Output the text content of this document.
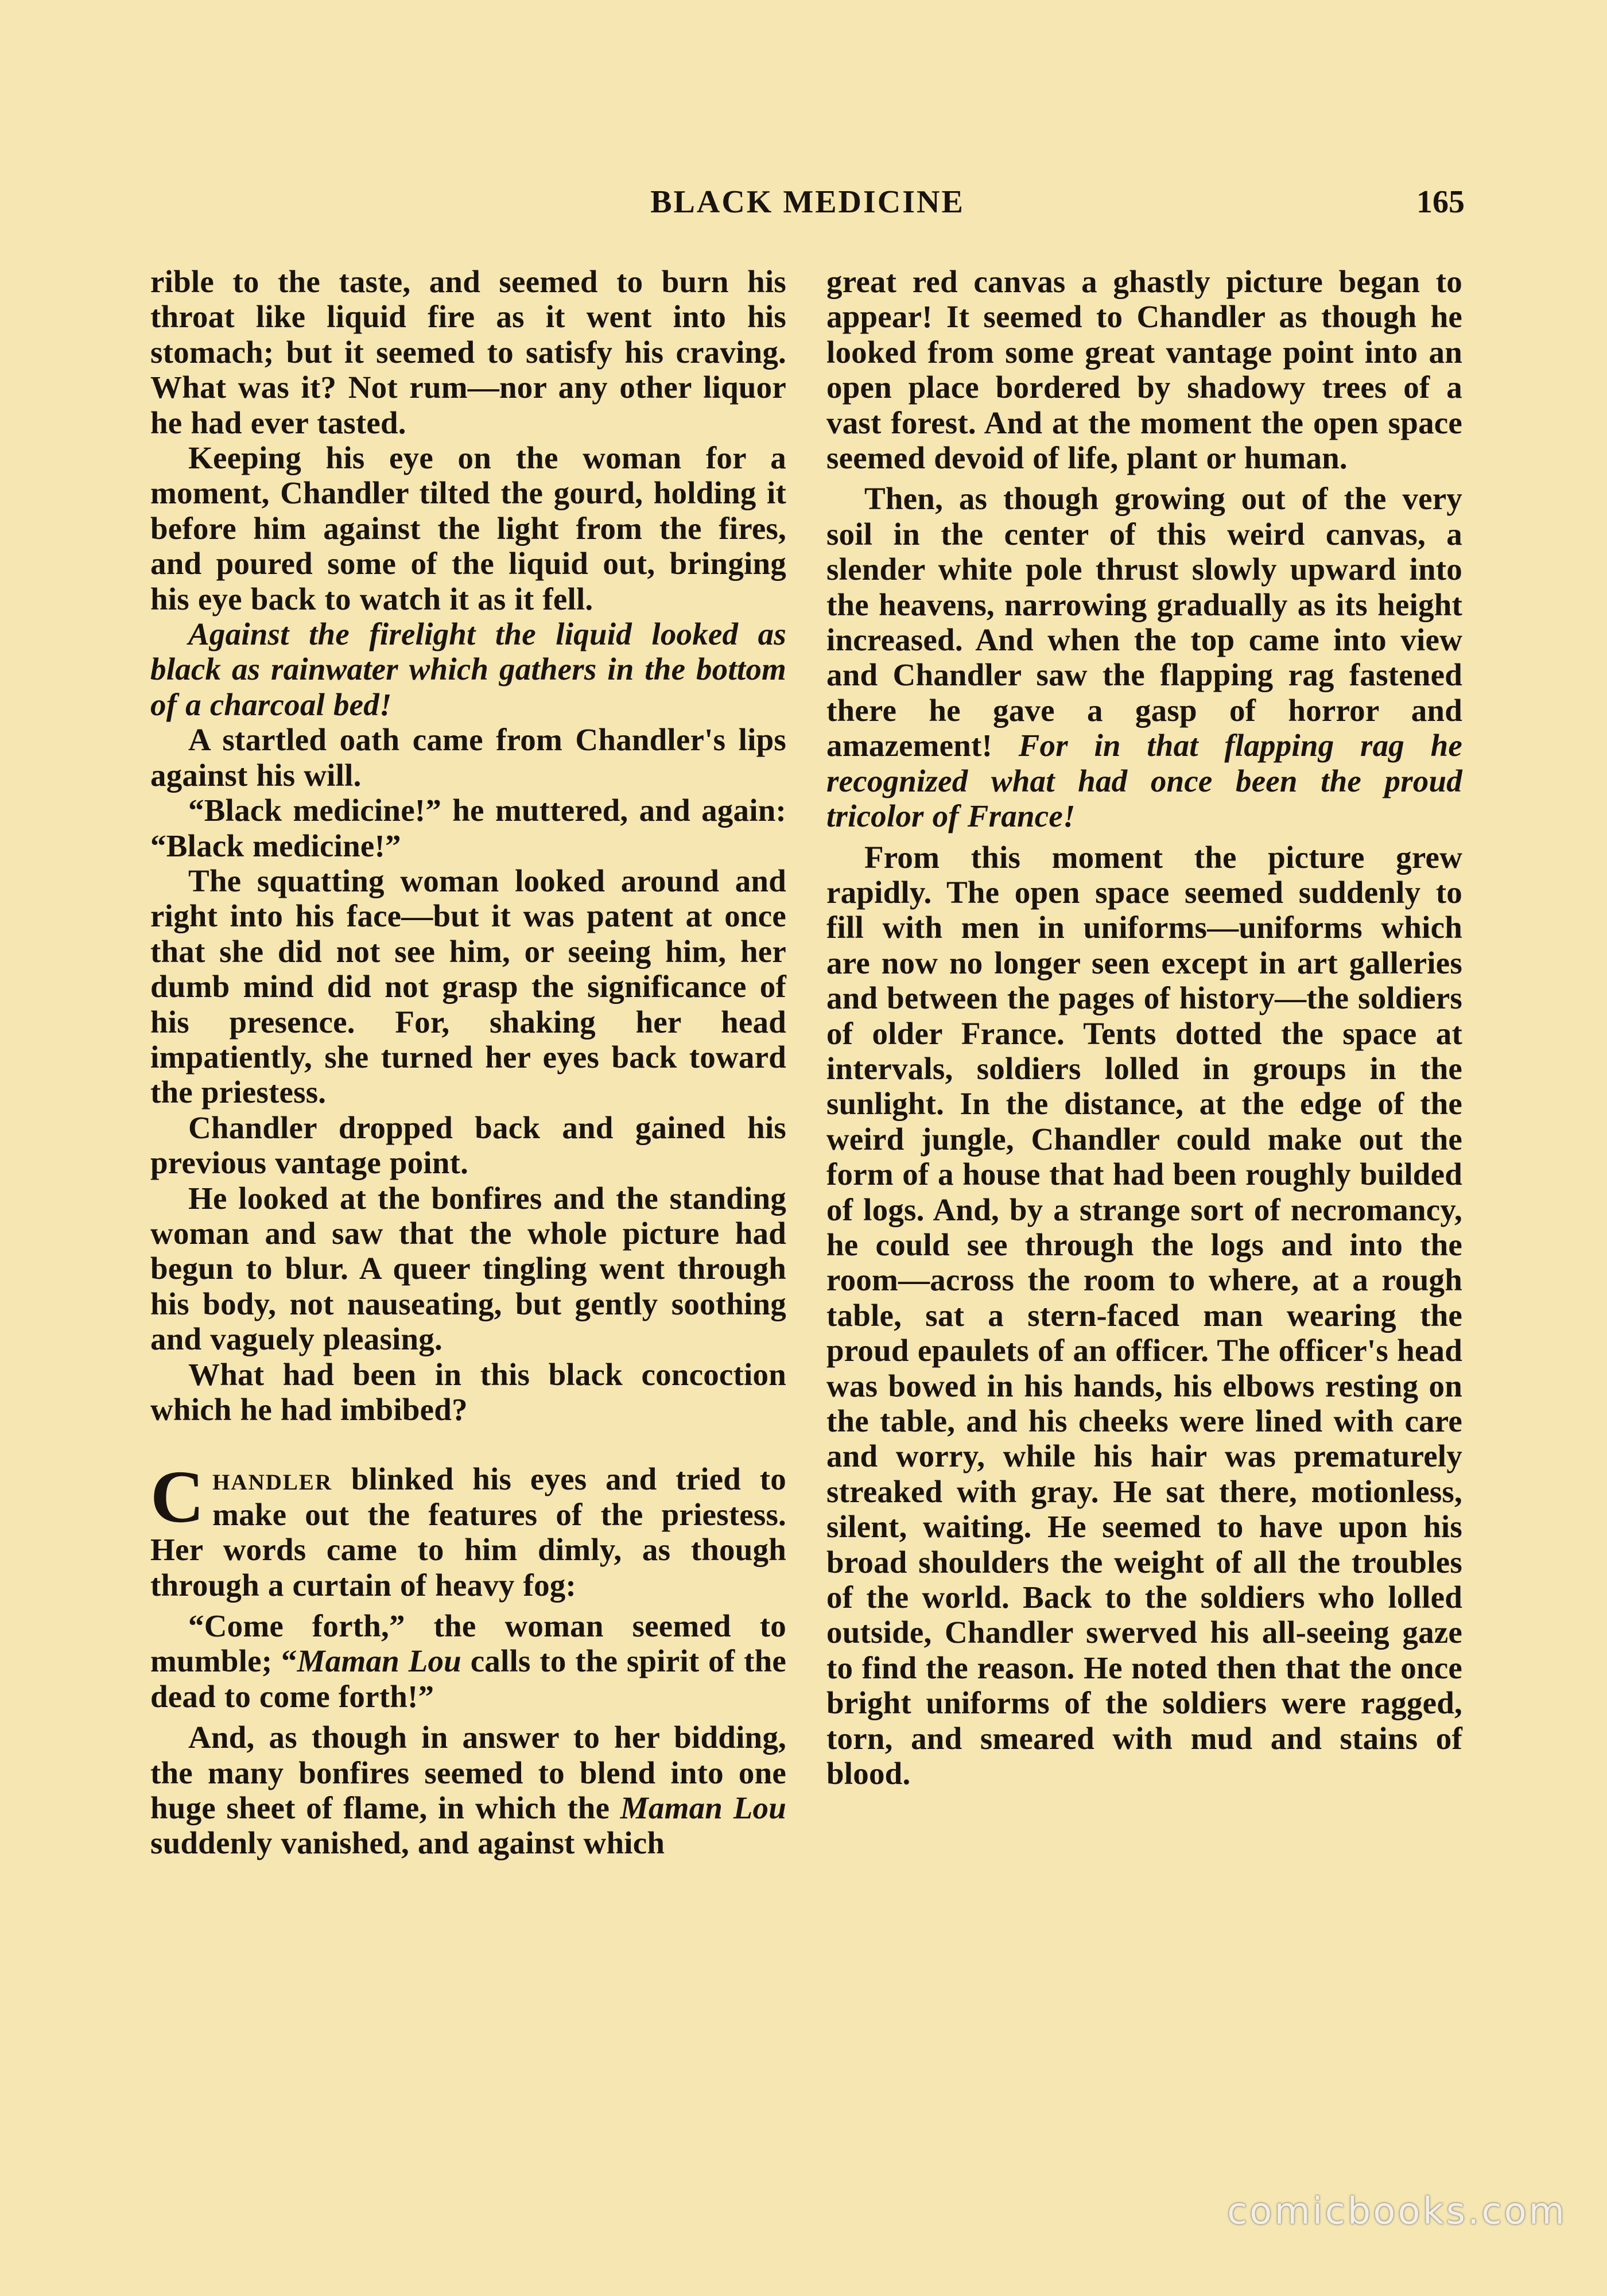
BLACK MEDICINE	165

rible to the taste, and seemed to burn his throat like liquid fire as it went into his stomach; but it seemed to satisfy his craving. What was it? Not rum—nor any other liquor he had ever tasted.

Keeping his eye on the woman for a moment, Chandler tilted the gourd, holding it before him against the light from the fires, and poured some of the liquid out, bringing his eye back to watch it as it fell.

Against the firelight the liquid looked as black as rainwater which gathers in the bottom of a charcoal bed!

A startled oath came from Chandler's lips against his will.

“Black medicine!” he muttered, and again: “Black medicine!”

The squatting woman looked around and right into his face—but it was patent at once that she did not see him, or seeing him, her dumb mind did not grasp the significance of his presence. For, shaking her head impatiently, she turned her eyes back toward the priestess.

Chandler dropped back and gained his previous vantage point.

He looked at the bonfires and the standing woman and saw that the whole picture had begun to blur. A queer tingling went through his body, not nauseating, but gently soothing and vaguely pleasing.

What had been in this black concoction which he had imbibed?

Chandler blinked his eyes and tried to make out the features of the priestess. Her words came to him dimly, as though through a curtain of heavy fog:

“Come forth,” the woman seemed to mumble; “Maman Lou calls to the spirit of the dead to come forth!”

And, as though in answer to her bidding, the many bonfires seemed to blend into one huge sheet of flame, in which the Maman Lou suddenly vanished, and against which

great red canvas a ghastly picture began to appear! It seemed to Chandler as though he looked from some great vantage point into an open place bordered by shadowy trees of a vast forest. And at the moment the open space seemed devoid of life, plant or human.

Then, as though growing out of the very soil in the center of this weird canvas, a slender white pole thrust slowly upward into the heavens, narrowing gradually as its height increased. And when the top came into view and Chandler saw the flapping rag fastened there he gave a gasp of horror and amazement! For in that flapping rag he recognized what had once been the proud tricolor of France!

From this moment the picture grew rapidly. The open space seemed suddenly to fill with men in uniforms—uniforms which are now no longer seen except in art galleries and between the pages of history—the soldiers of older France. Tents dotted the space at intervals, soldiers lolled in groups in the sunlight. In the distance, at the edge of the weird jungle, Chandler could make out the form of a house that had been roughly builded of logs. And, by a strange sort of necromancy, he could see through the logs and into the room—across the room to where, at a rough table, sat a stern-faced man wearing the proud epaulets of an officer. The officer's head was bowed in his hands, his elbows resting on the table, and his cheeks were lined with care and worry, while his hair was prematurely streaked with gray. He sat there, motionless, silent, waiting. He seemed to have upon his broad shoulders the weight of all the troubles of the world. Back to the soldiers who lolled outside, Chandler swerved his all-seeing gaze to find the reason. He noted then that the once bright uniforms of the soldiers were ragged, torn, and smeared with mud and stains of blood.

comicbooks.com
